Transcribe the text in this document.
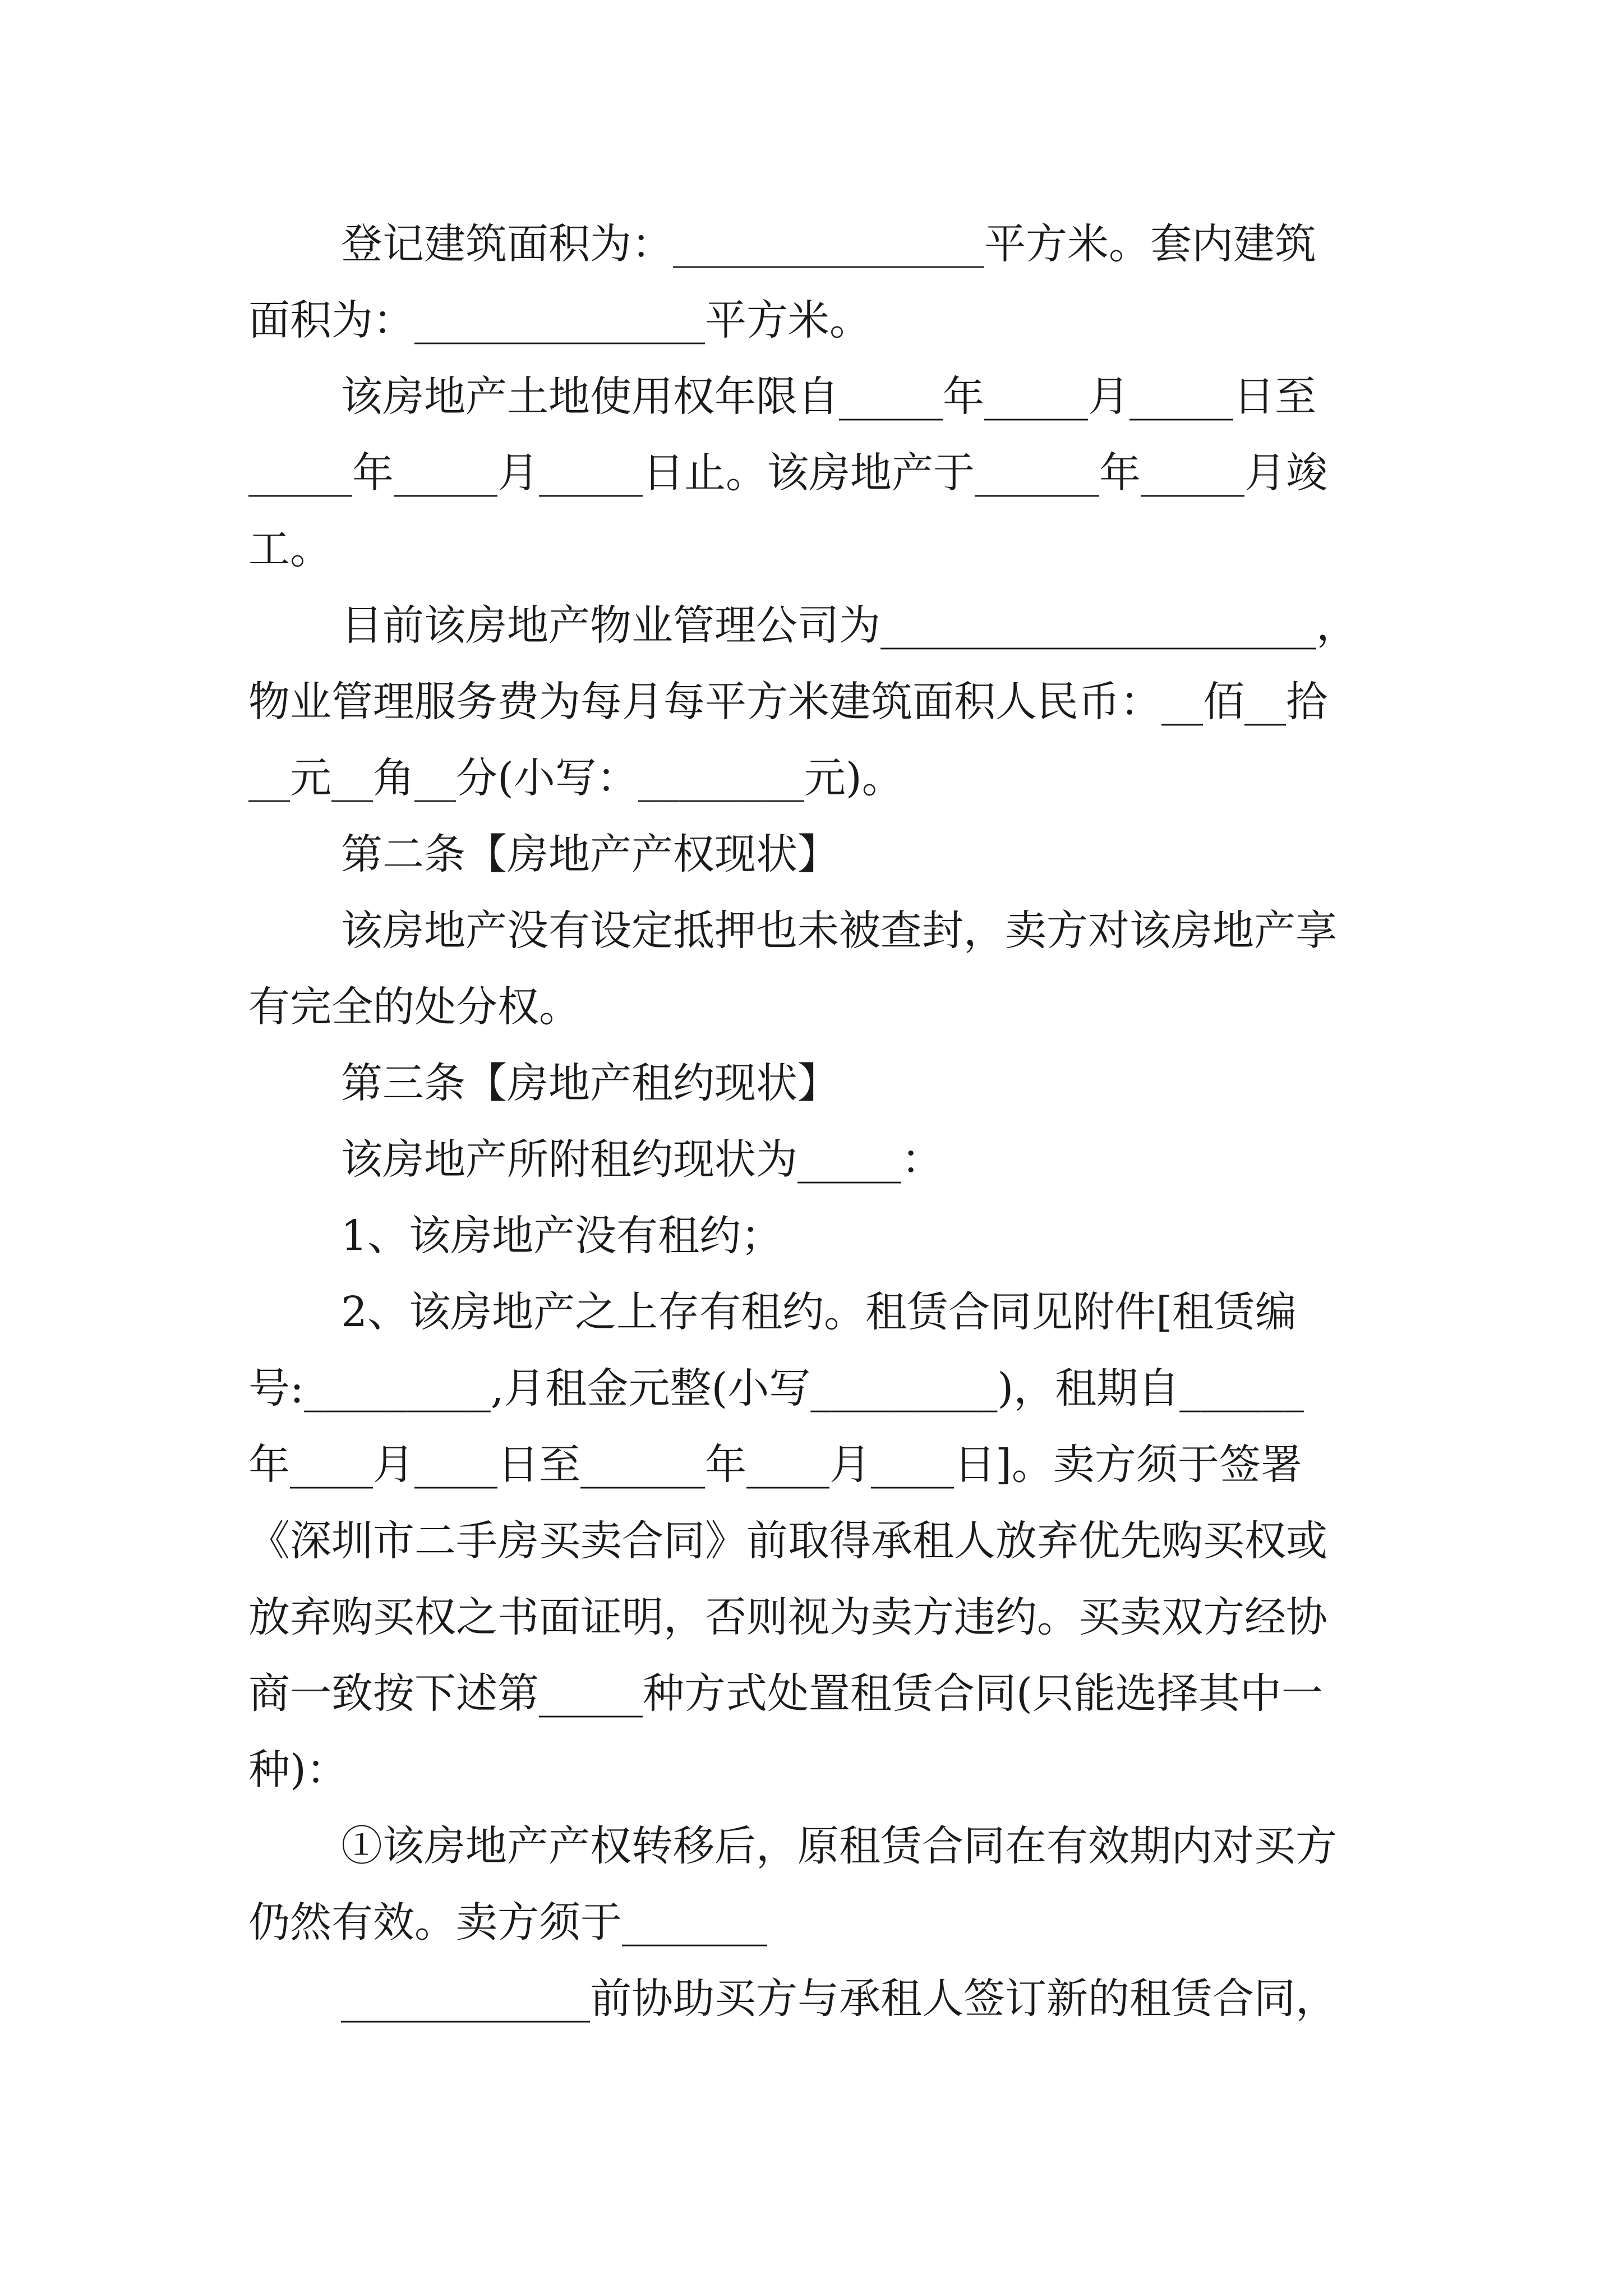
登记建筑面积为：_______________平方米。套内建筑

面积为：______________平方米。

该房地产土地使用权年限自_____年_____月_____日至

_____年_____月_____日止。该房地产于______年_____月竣

工。

目前该房地产物业管理公司为_____________________，

物业管理服务费为每月每平方米建筑面积人民币：__佰__拾

__元__角__分(小写：________元)。

第二条【房地产产权现状】

该房地产没有设定抵押也未被查封，卖方对该房地产享

有完全的处分权。

第三条【房地产租约现状】

该房地产所附租约现状为_____：

1、该房地产没有租约；

2、该房地产之上存有租约。租赁合同见附件[租赁编

号:_________,月租金元整(小写_________)，租期自______

年____月____日至______年____月____日]。卖方须于签署

《深圳市二手房买卖合同》前取得承租人放弃优先购买权或

放弃购买权之书面证明，否则视为卖方违约。买卖双方经协

商一致按下述第_____种方式处置租赁合同(只能选择其中一

种)：

①该房地产产权转移后，原租赁合同在有效期内对买方

仍然有效。卖方须于_______

____________前协助买方与承租人签订新的租赁合同，
